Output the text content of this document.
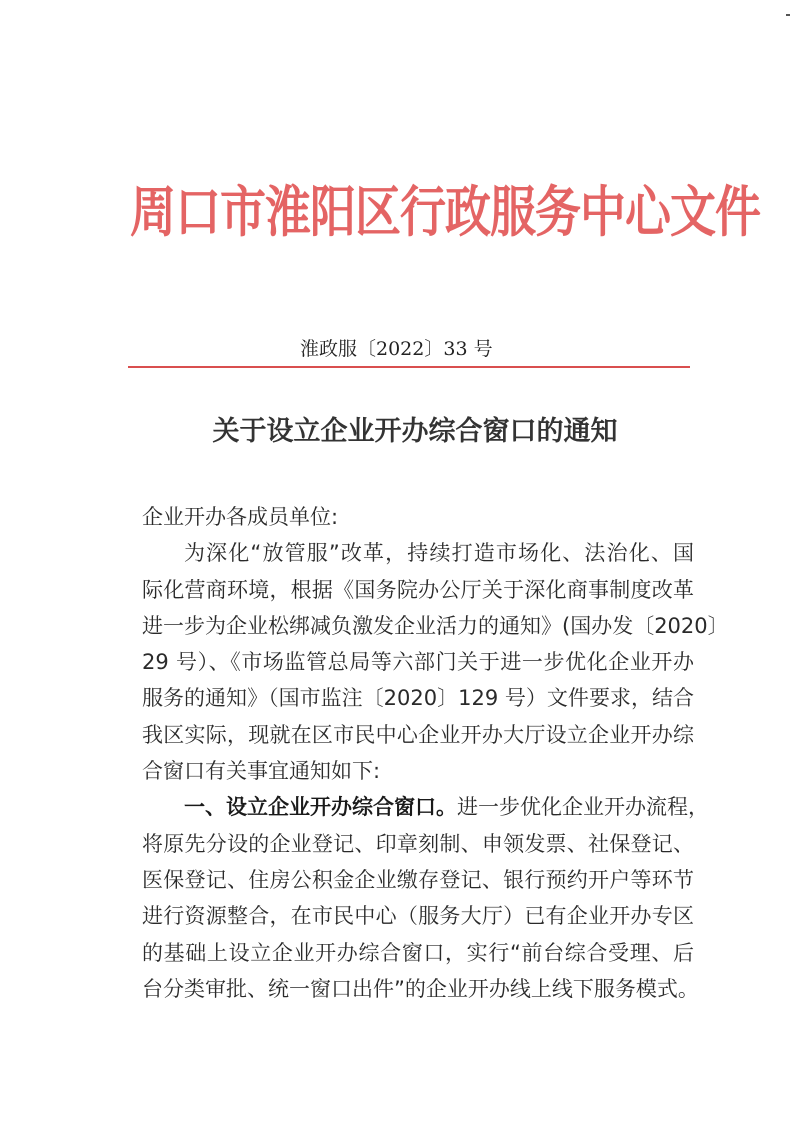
周口市淮阳区行政服务中心文件
淮政服〔2022〕33 号
关于设立企业开办综合窗口的通知
企业开办各成员单位:

为深化“放管服”改革，持续打造市场化、法治化、国
际化营商环境，根据《国务院办公厅关于深化商事制度改革
进一步为企业松绑减负激发企业活力的通知》(国办发〔2020〕
29 号）、《市场监管总局等六部门关于进一步优化企业开办
服务的通知》（国市监注〔2020〕129 号）文件要求，结合
我区实际，现就在区市民中心企业开办大厅设立企业开办综
合窗口有关事宜通知如下:

一、设立企业开办综合窗口。进一步优化企业开办流程，
将原先分设的企业登记、印章刻制、申领发票、社保登记、
医保登记、住房公积金企业缴存登记、银行预约开户等环节
进行资源整合，在市民中心（服务大厅）已有企业开办专区
的基础上设立企业开办综合窗口，实行“前台综合受理、后
台分类审批、统一窗口出件”的企业开办线上线下服务模式。
